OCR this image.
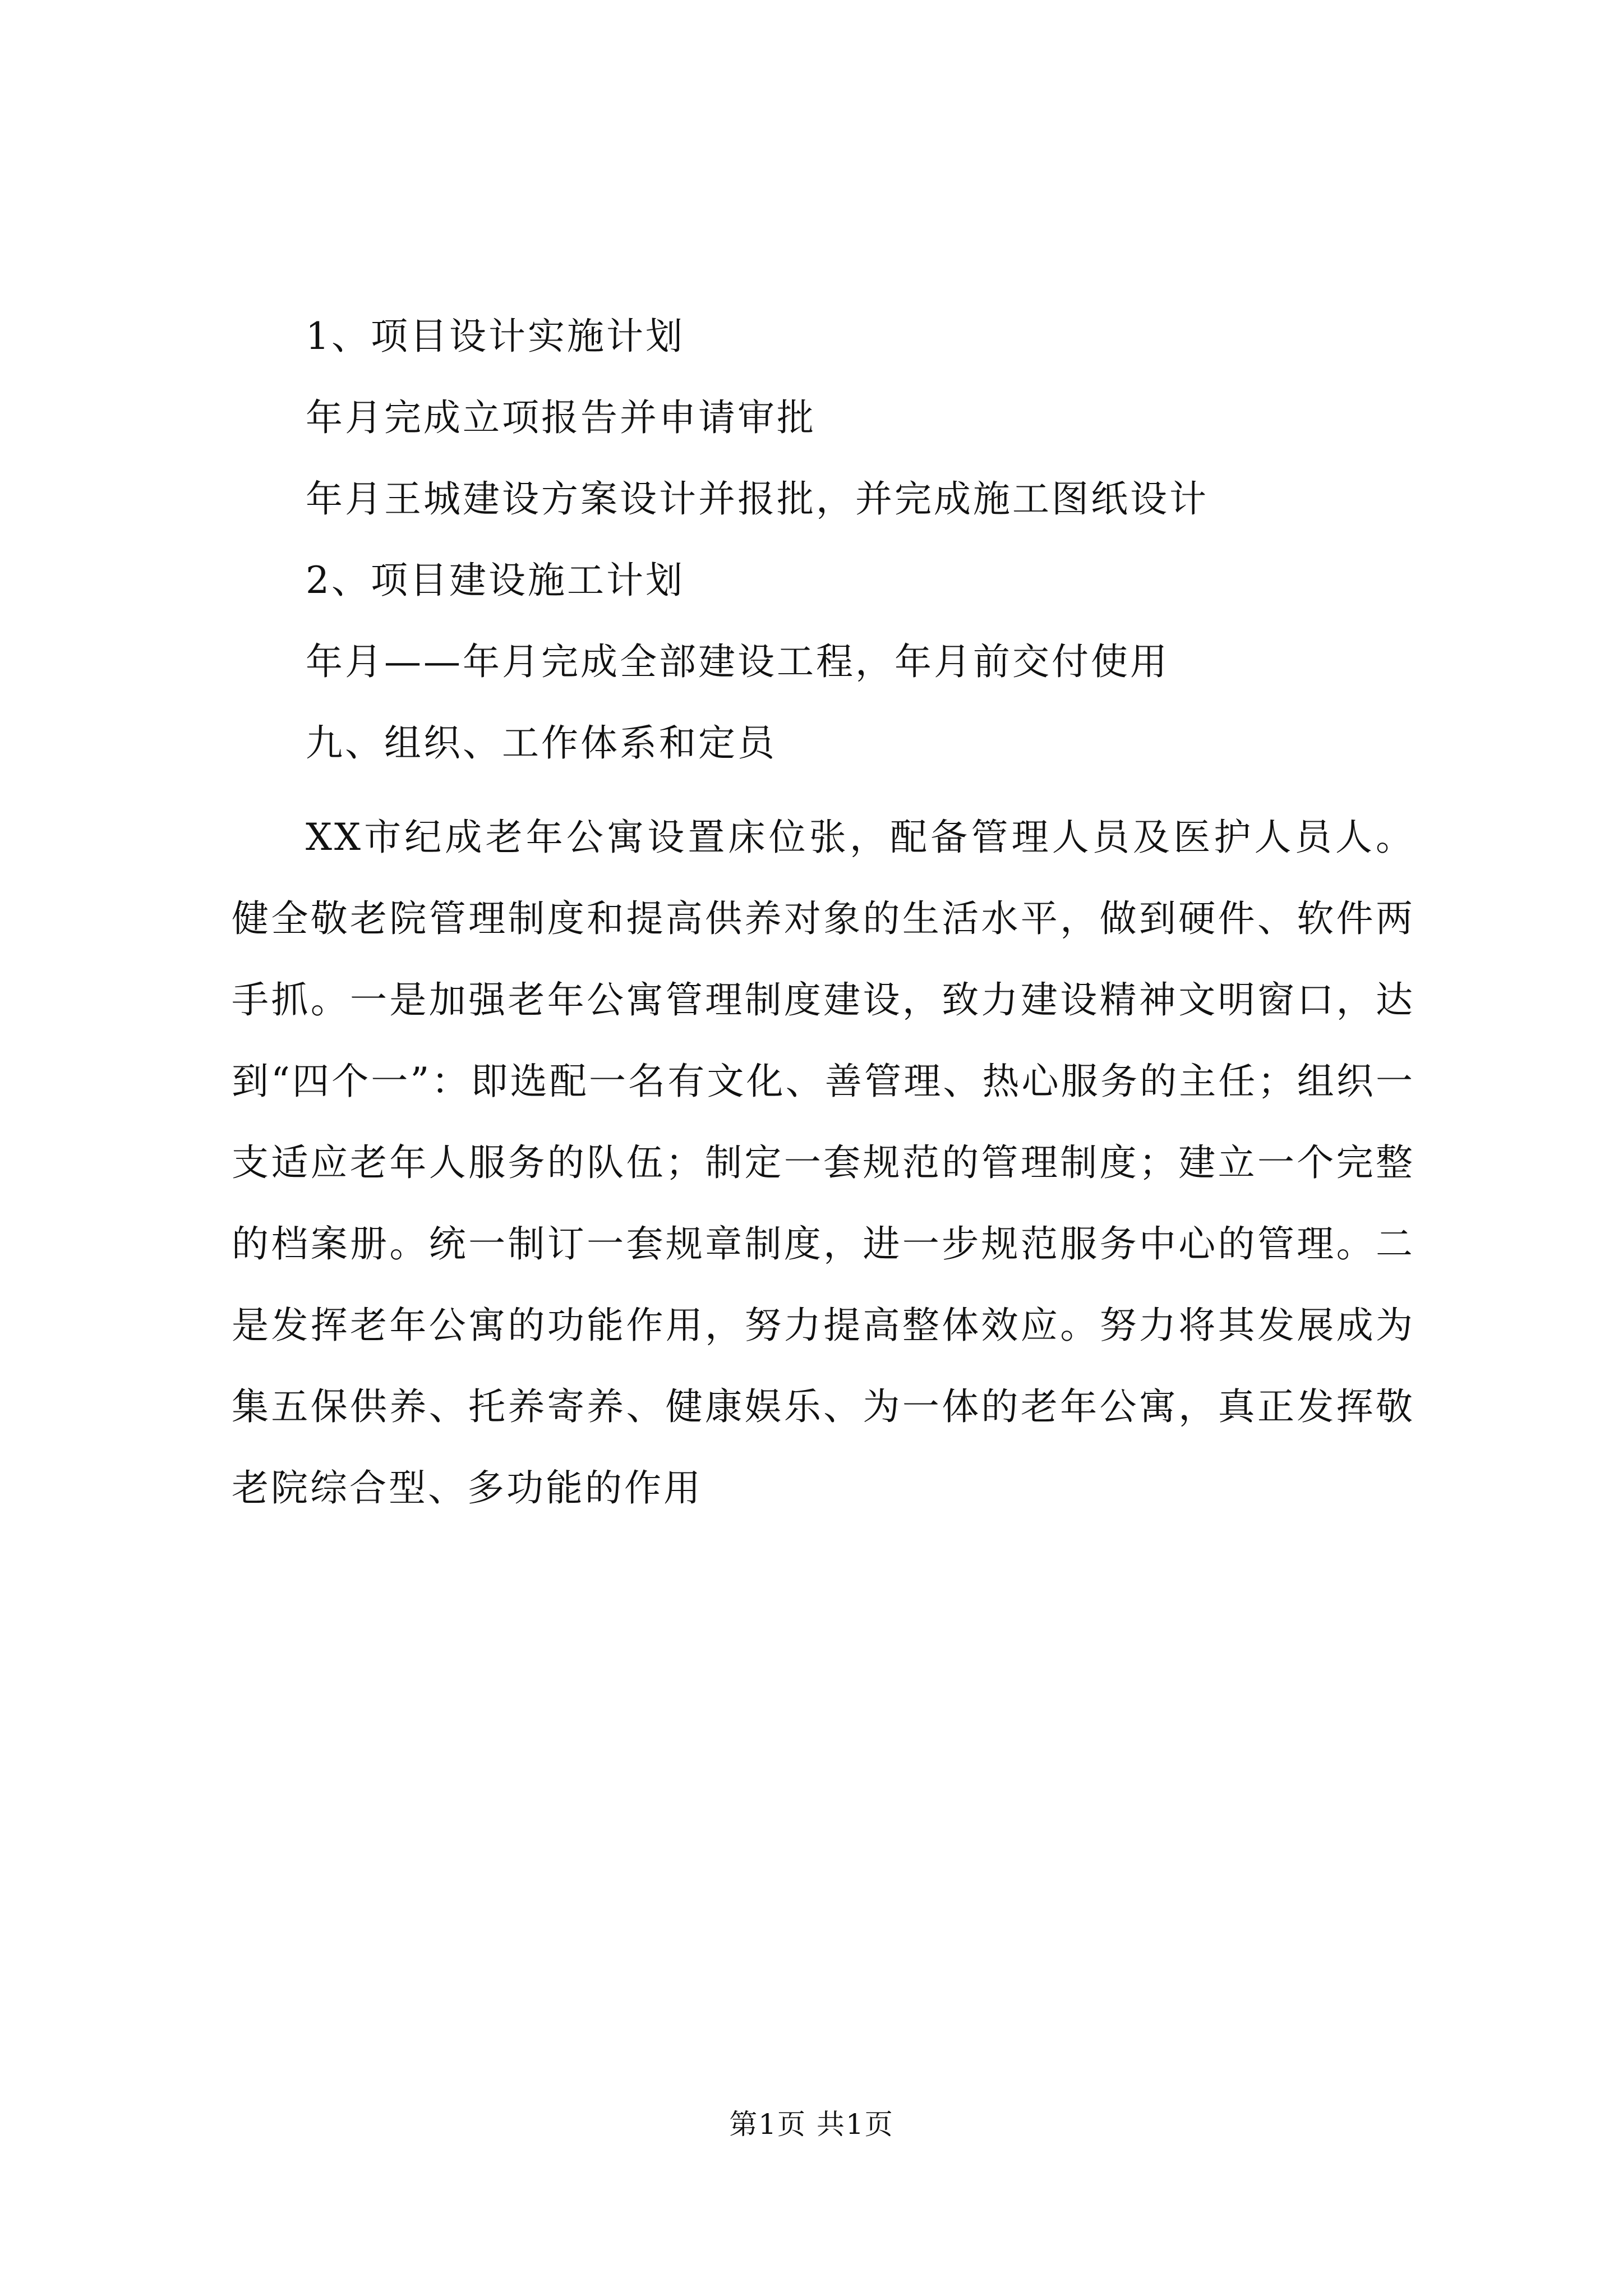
1、项目设计实施计划
年月完成立项报告并申请审批
年月王城建设方案设计并报批，并完成施工图纸设计
2、项目建设施工计划
年月——年月完成全部建设工程，年月前交付使用
九、组织、工作体系和定员
XX市纪成老年公寓设置床位张，配备管理人员及医护人员人。健全敬老院管理制度和提高供养对象的生活水平，做到硬件、软件两手抓。一是加强老年公寓管理制度建设，致力建设精神文明窗口，达到“四个一”：即选配一名有文化、善管理、热心服务的主任；组织一支适应老年人服务的队伍；制定一套规范的管理制度；建立一个完整的档案册。统一制订一套规章制度，进一步规范服务中心的管理。二是发挥老年公寓的功能作用，努力提高整体效应。努力将其发展成为集五保供养、托养寄养、健康娱乐、为一体的老年公寓，真正发挥敬老院综合型、多功能的作用
第1页 共1页
